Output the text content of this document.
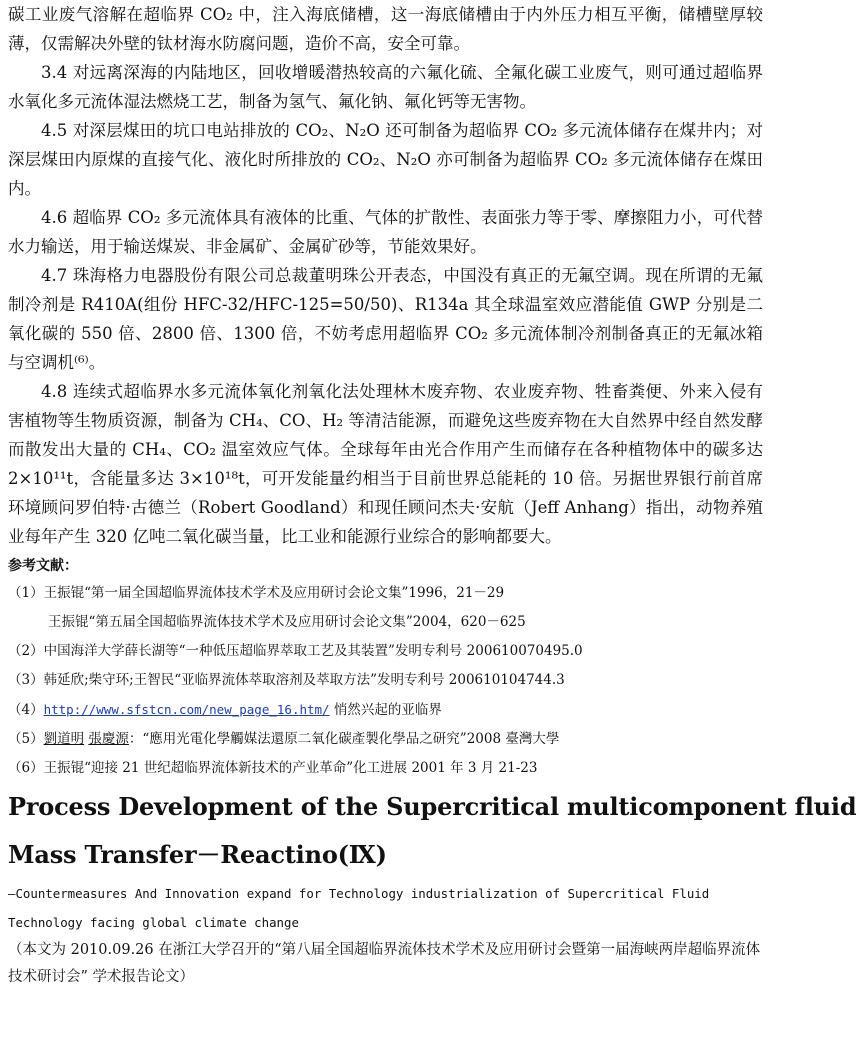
碳工业废气溶解在超临界 CO₂ 中，注入海底储槽，这一海底储槽由于内外压力相互平衡，储槽壁厚较薄，仅需解决外壁的钛材海水防腐问题，造价不高，安全可靠。

3.4 对远离深海的内陆地区，回收增暖潜热较高的六氟化硫、全氟化碳工业废气，则可通过超临界水氧化多元流体湿法燃烧工艺，制备为氢气、氟化钠、氟化钙等无害物。

4.5 对深层煤田的坑口电站排放的 CO₂、N₂O 还可制备为超临界 CO₂ 多元流体储存在煤井内；对深层煤田内原煤的直接气化、液化时所排放的 CO₂、N₂O 亦可制备为超临界 CO₂ 多元流体储存在煤田内。

4.6 超临界 CO₂ 多元流体具有液体的比重、气体的扩散性、表面张力等于零、摩擦阻力小，可代替水力输送，用于输送煤炭、非金属矿、金属矿砂等，节能效果好。

4.7 珠海格力电器股份有限公司总裁董明珠公开表态，中国没有真正的无氟空调。现在所谓的无氟制冷剂是 R410A(组份 HFC-32/HFC-125=50/50)、R134a 其全球温室效应潜能值 GWP 分别是二氧化碳的 550 倍、2800 倍、1300 倍，不妨考虑用超临界 CO₂ 多元流体制冷剂制备真正的无氟冰箱与空调机⁽⁶⁾。

4.8 连续式超临界水多元流体氧化剂氧化法处理林木废弃物、农业废弃物、牲畜粪便、外来入侵有害植物等生物质资源，制备为 CH₄、CO、H₂ 等清洁能源，而避免这些废弃物在大自然界中经自然发酵而散发出大量的 CH₄、CO₂ 温室效应气体。全球每年由光合作用产生而储存在各种植物体中的碳多达 2×10¹¹t，含能量多达 3×10¹⁸t，可开发能量约相当于目前世界总能耗的 10 倍。另据世界银行前首席环境顾问罗伯特·古德兰（Robert Goodland）和现任顾问杰夫·安航（Jeff Anhang）指出，动物养殖业每年产生 320 亿吨二氧化碳当量，比工业和能源行业综合的影响都要大。

参考文献：
（1）王振锟“第一届全国超临界流体技术学术及应用研讨会论文集”1996，21－29
王振锟“第五届全国超临界流体技术学术及应用研讨会论文集”2004，620－625
（2）中国海洋大学薛长湖等“一种低压超临界萃取工艺及其装置”发明专利号 200610070495.0
（3）韩延欣;柴守环;王智民“亚临界流体萃取溶剂及萃取方法”发明专利号 200610104744.3
（4）http://www.sfstcn.com/new_page_16.htm/ 悄然兴起的亚临界
（5）劉道明 張慶源：“應用光電化學觸媒法還原二氧化碳產製化學品之研究”2008 臺灣大學
（6）王振锟“迎接 21 世纪超临界流体新技术的产业革命”化工进展 2001 年 3 月 21-23
Process Development of the Supercritical multicomponent fluid
Mass Transfer－Reactino(Ⅸ)
—Countermeasures And Innovation expand for Technology industrialization of Supercritical Fluid
Technology facing global climate change

（本文为 2010.09.26 在浙江大学召开的“第八届全国超临界流体技术学术及应用研讨会暨第一届海峡两岸超临界流体技术研讨会” 学术报告论文）
